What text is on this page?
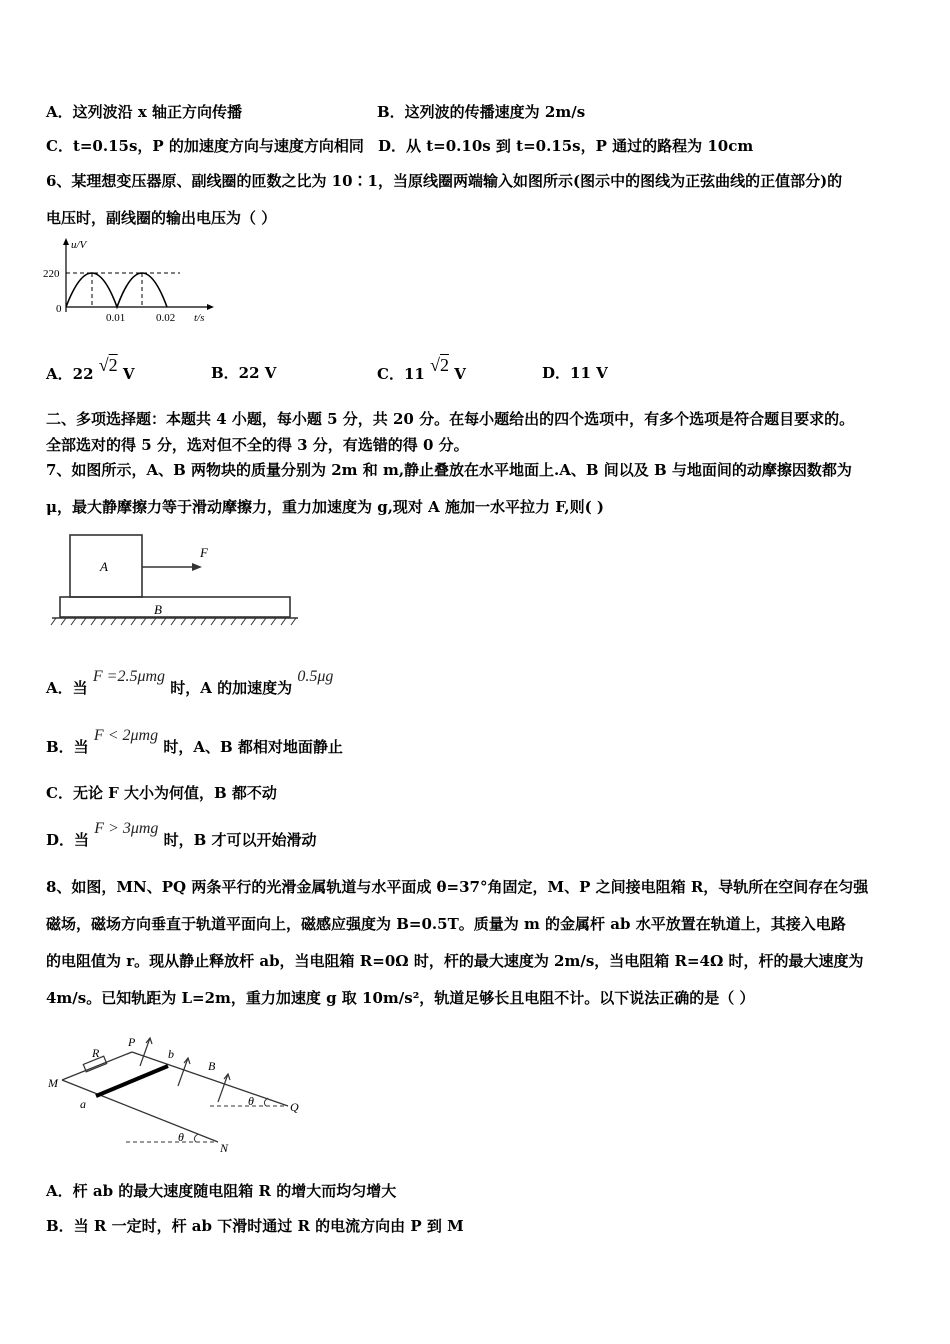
A．这列波沿 x 轴正方向传播	B．这列波的传播速度为 2m/s
C．t=0.15s，P 的加速度方向与速度方向相同 D．从 t=0.10s 到 t=0.15s，P 通过的路程为 10cm
6、某理想变压器原、副线圈的匝数之比为 10∶1，当原线圈两端输入如图所示(图示中的图线为正弦曲线的正值部分)的
电压时，副线圈的输出电压为（ ）
u/V
220
0
0.01	0.02 t/s
A．22 √2 V	B．22 V	C．11 √2 V	D．11 V
二、多项选择题：本题共 4 小题，每小题 5 分，共 20 分。在每小题给出的四个选项中，有多个选项是符合题目要求的。
全部选对的得 5 分，选对但不全的得 3 分，有选错的得 0 分。
7、如图所示，A、B 两物块的质量分别为 2m 和 m,静止叠放在水平地面上.A、B 间以及 B 与地面间的动摩擦因数都为
μ，最大静摩擦力等于滑动摩擦力，重力加速度为 g,现对 A 施加一水平拉力 F,则( )
A
B
F
A．当 F =2.5μmg 时，A 的加速度为 0.5μg
B．当 F < 2μmg 时，A、B 都相对地面静止
C．无论 F 大小为何值，B 都不动
D．当 F > 3μmg 时，B 才可以开始滑动
8、如图，MN、PQ 两条平行的光滑金属轨道与水平面成 θ=37°角固定，M、P 之间接电阻箱 R，导轨所在空间存在匀强
磁场，磁场方向垂直于轨道平面向上，磁感应强度为 B=0.5T。质量为 m 的金属杆 ab 水平放置在轨道上，其接入电路
的电阻值为 r。现从静止释放杆 ab，当电阻箱 R=0Ω 时，杆的最大速度为 2m/s，当电阻箱 R=4Ω 时，杆的最大速度为
4m/s。已知轨距为 L=2m，重力加速度 g 取 10m/s²，轨道足够长且电阻不计。以下说法正确的是（ ）
R
P
b
B
M
a	θ	Q
θ
N
A．杆 ab 的最大速度随电阻箱 R 的增大而均匀增大
B．当 R 一定时，杆 ab 下滑时通过 R 的电流方向由 P 到 M
